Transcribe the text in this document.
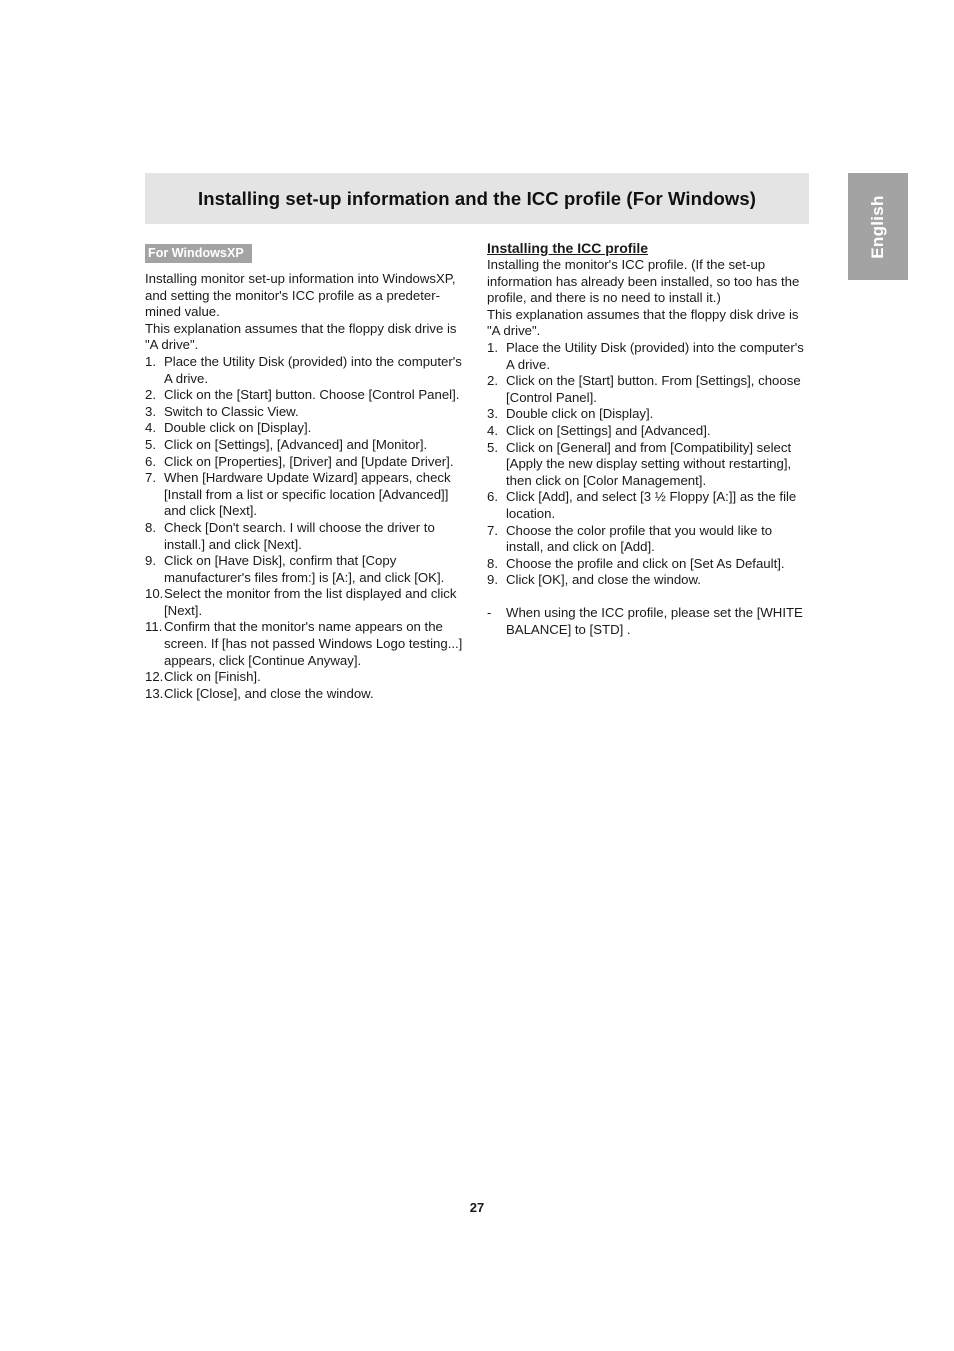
Installing set-up information and the ICC profile (For Windows)	English
For WindowsXP

Installing monitor set-up information into WindowsXP, and setting the monitor's ICC profile as a predeter-mined value.

This explanation assumes that the floppy disk drive is "A drive".

1. Place the Utility Disk (provided) into the computer's A drive.
2. Click on the [Start] button. Choose [Control Panel].
3. Switch to Classic View.
4. Double click on [Display].
5. Click on [Settings], [Advanced] and [Monitor].
6. Click on [Properties], [Driver] and [Update Driver].
7. When [Hardware Update Wizard] appears, check [Install from a list or specific location [Advanced]] and click [Next].
8. Check [Don't search. I will choose the driver to install.] and click [Next].
9. Click on [Have Disk], confirm that [Copy manufacturer's files from:] is [A:], and click [OK].
10. Select the monitor from the list displayed and click [Next].
11. Confirm that the monitor's name appears on the screen. If [has not passed Windows Logo testing...] appears, click [Continue Anyway].
12. Click on [Finish].
13. Click [Close], and close the window.
Installing the ICC profile

Installing the monitor's ICC profile. (If the set-up information has already been installed, so too has the profile, and there is no need to install it.)

This explanation assumes that the floppy disk drive is "A drive".

1. Place the Utility Disk (provided) into the computer's A drive.
2. Click on the [Start] button. From [Settings], choose [Control Panel].
3. Double click on [Display].
4. Click on [Settings] and [Advanced].
5. Click on [General] and from [Compatibility] select [Apply the new display setting without restarting], then click on [Color Management].
6. Click [Add], and select [3 ½ Floppy [A:]] as the file location.
7. Choose the color profile that you would like to install, and click on [Add].
8. Choose the profile and click on [Set As Default].
9. Click [OK], and close the window.
-	When using the ICC profile, please set the [WHITE BALANCE] to [STD] .
27
